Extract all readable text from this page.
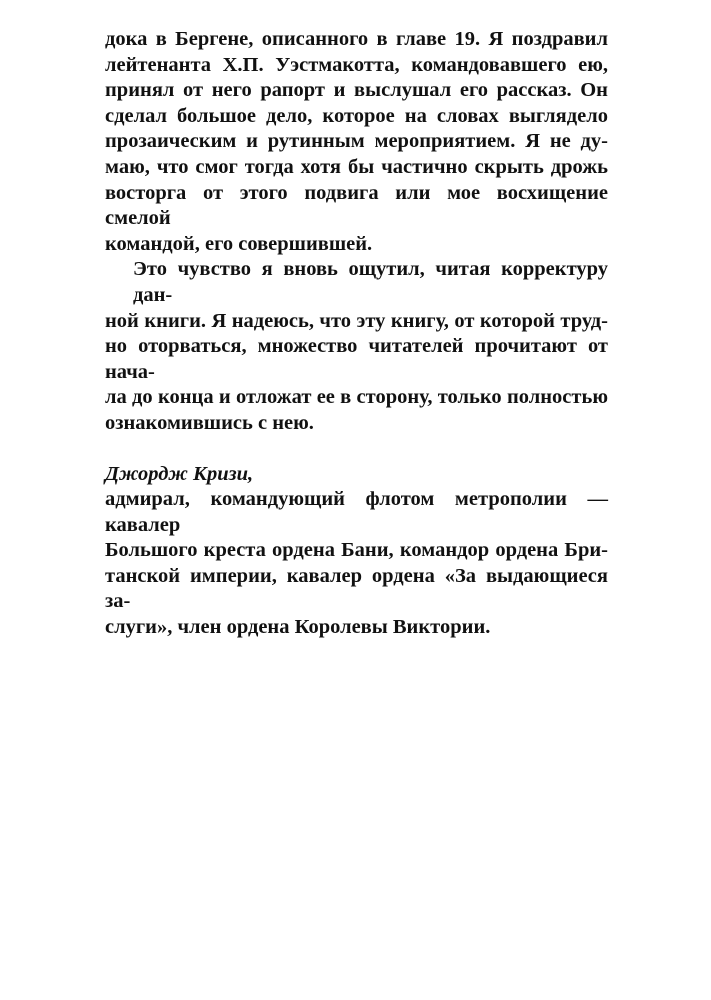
дока в Бергене, описанного в главе 19. Я поздравил
лейтенанта Х.П. Уэстмакотта, командовавшего ею,
принял от него рапорт и выслушал его рассказ. Он
сделал большое дело, которое на словах выглядело
прозаическим и рутинным мероприятием. Я не ду-
маю, что смог тогда хотя бы частично скрыть дрожь
восторга от этого подвига или мое восхищение смелой
командой, его совершившей.
Это чувство я вновь ощутил, читая корректуру дан-
ной книги. Я надеюсь, что эту книгу, от которой труд-
но оторваться, множество читателей прочитают от нача-
ла до конца и отложат ее в сторону, только полностью
ознакомившись с нею.
Джордж Кризи,
адмирал, командующий флотом метрополии — кавалер
Большого креста ордена Бани, командор ордена Бри-
танской империи, кавалер ордена «За выдающиеся за-
слуги», член ордена Королевы Виктории.
